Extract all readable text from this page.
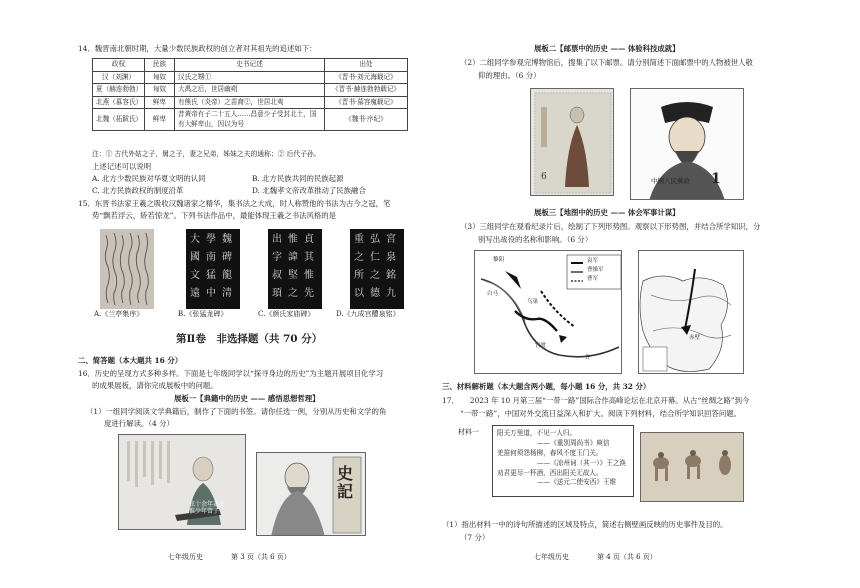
14．魏晋南北朝时期，大量少数民族政权的创立者对其祖先的追述如下：

政权	民族	史书记述	出处
汉（刘渊）	匈奴	汉氏之甥①	《晋书·刘元海载记》
夏（赫连勃勃）	匈奴	大禹之后，世居幽朔	《晋书·赫连勃勃载记》
北燕（慕容氏）	鲜卑	有熊氏（炎帝）之苗裔②，世居北夷	《晋书·慕容廆载记》
北魏（拓跋氏）	鲜卑	昔黄帝有子二十五人……昌意少子受封北土，国有大鲜卑山，因以为号	《魏书·序纪》

注：① 古代外姑之子，舅之子，妻之兄弟，姊妹之夫的通称；② 后代子孙。

上述记述可以说明

A. 北方少数民族对华夏文明的认同	B. 北方民族共同的民族起源
C. 北方民族政权的制度沿革	D. 北魏孝文帝改革推动了民族融合

15．东晋书法家王羲之吸收汉魏诸家之精华，集书法之大成，时人称赞他的书法为古今之冠，笔

势“飘若浮云，矫若惊龙”。下列书法作品中，最能体现王羲之书法风格的是

大 學 魏
國 南 碑
文 猛 龍
遠 中 清
出 惟 貞
字 諱 其
叔 堅 惟
頊 之 先
重 弘 宮
之 仁 泉
所 之 銘
以 德 九
A.《兰亭集序》	B.《张猛龙碑》	C.《颜氏家庙碑》	D.《九成宫醴泉铭》
第Ⅱ卷　非选择题（共 70 分）

二、简答题（本大题共 16 分）

16．历史的呈现方式多种多样。下面是七年级同学以“探寻身边的历史”为主题开展项目化学习

的成果展板，请你完成展板中的问题。

展板一【典籍中的历史 —— 感悟思想哲理】

（1）一组同学阅读文学典籍后，制作了下面的书签。请你任选一例，分别从历史和文学的角

度进行解读。（4 分）

弦十余年著史
惟少年曾子
史記
七年级历史　　　　第 3 页（共 6 页）

展板二【邮票中的历史 —— 体验科技成就】

（2）二组同学参观完博物馆后，搜集了以下邮票。请分别简述下面邮票中的人物被世人敬

仰的理由。（6 分）

6	中國人民郵政 1

展板三【地图中的历史 —— 体会军事计谋】

（3）三组同学在观看纪录片后，绘制了下列形势图。观察以下形势图，并结合所学知识，分

别写出战役的名称和影响。（6 分）

袁军
曹操军
曹军
黎阳
白马
乌巢
官渡
许
赤壁

三、材料解析题（本大题含两小题，每小题 16 分，共 32 分）

17．　　2023 年 10 月第三届“一带一路”国际合作高峰论坛在北京开幕。从古“丝绸之路”到今

“一带一路”，中国对外交流日益深入和扩大。阅读下列材料，结合所学知识回答问题。

材料一	阳关万里道，不见一人归。

——《重别周尚书》庾信

羌笛何须怨杨柳，春风不度玉门关。

——《凉州词（其一）》王之涣

劝君更尽一杯酒，西出阳关无故人。

——《送元二使安西》王维

（1）指出材料一中的诗句所描述的区域及特点，简述右侧壁画反映的历史事件及目的。

（7 分）

七年级历史　　　　第 4 页（共 6 页）
